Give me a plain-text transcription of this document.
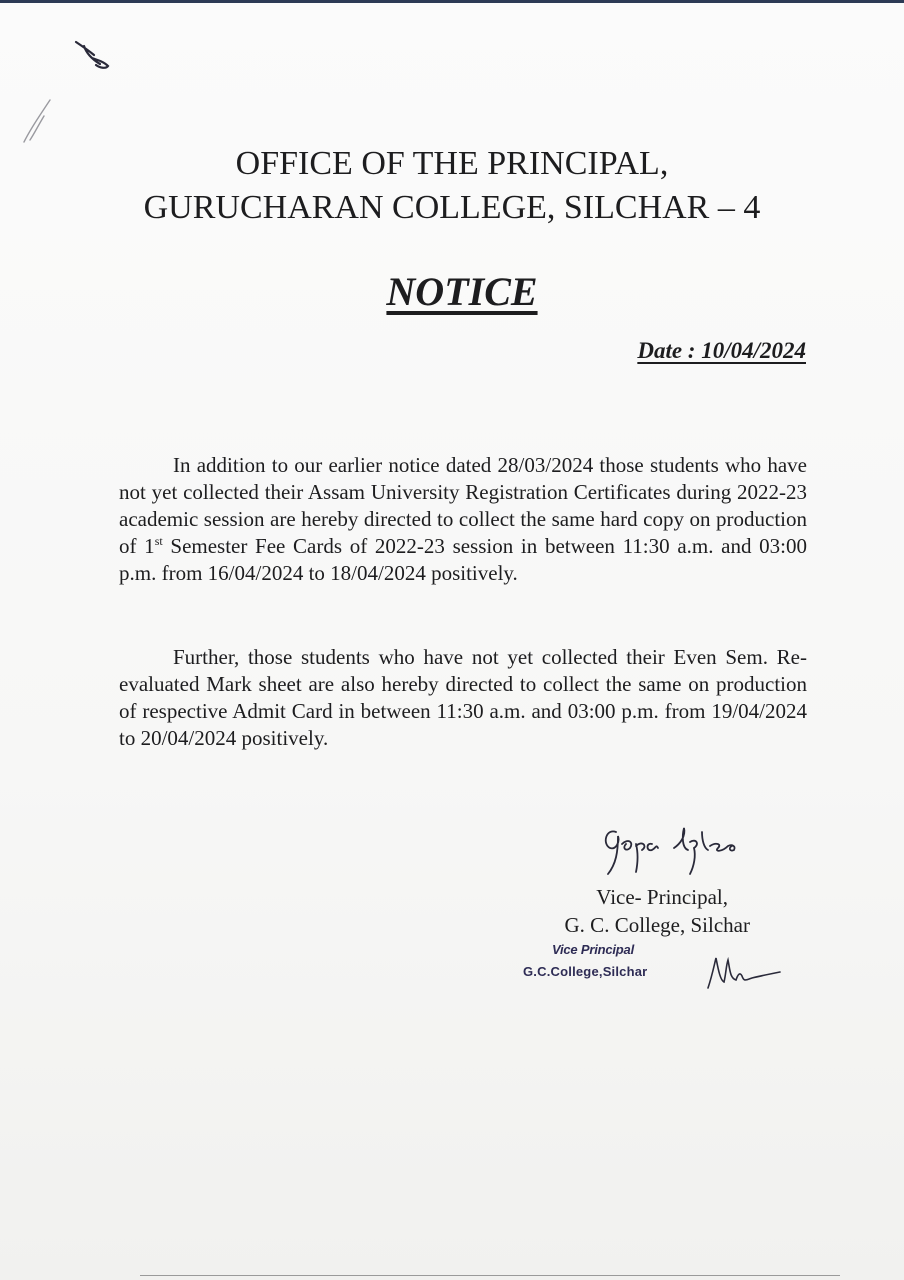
OFFICE OF THE PRINCIPAL,
GURUCHARAN COLLEGE, SILCHAR – 4
NOTICE
Date : 10/04/2024

In addition to our earlier notice dated 28/03/2024 those students who have not yet collected their Assam University Registration Certificates during 2022-23 academic session are hereby directed to collect the same hard copy on production of 1st Semester Fee Cards of 2022-23 session in between 11:30 a.m. and 03:00 p.m. from 16/04/2024 to 18/04/2024 positively.

Further, those students who have not yet collected their Even Sem. Re-evaluated Mark sheet are also hereby directed to collect the same on production of respective Admit Card in between 11:30 a.m. and 03:00 p.m. from 19/04/2024 to 20/04/2024 positively.

Vice- Principal,
G. C. College, Silchar
Vice Principal
G.C.College,Silchar
